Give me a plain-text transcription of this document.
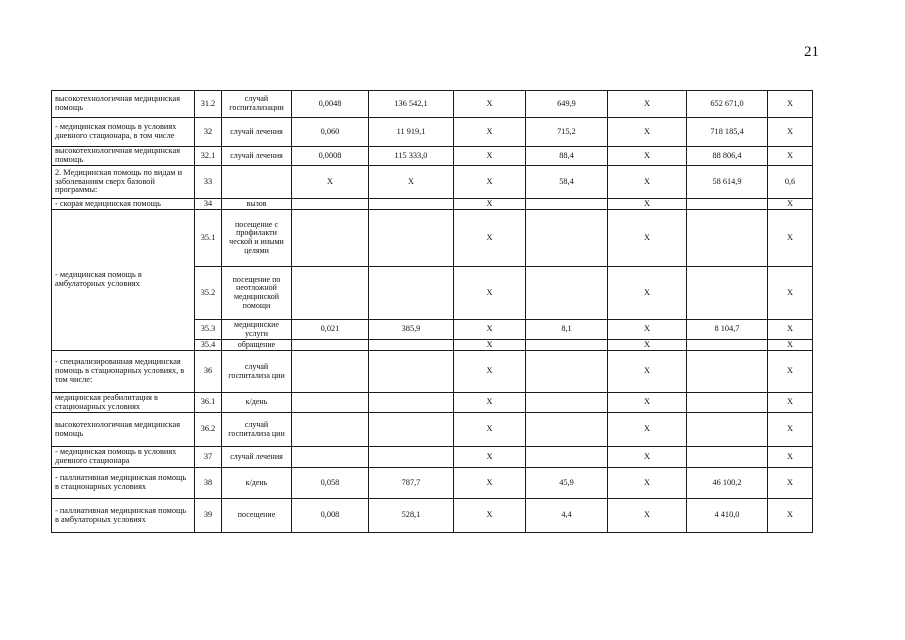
21
высокотехнологичная медицинская помощь	31.2	случай госпитализации	0,0048	136 542,1	X	649,9	X	652 671,0	X
- медицинская помощь в условиях дневного стационара, в том числе	32	случай лечения	0,060	11 919,1	X	715,2	X	718 185,4	X
высокотехнологичная медицинская помощь	32.1	случай лечения	0,0008	115 333,0	X	88,4	X	88 806,4	X
2. Медицинская помощь по видам и заболеваниям сверх базовой программы:	33		X	X	X	58,4	X	58 614,9	0,6
- скорая медицинская помощь	34	вызов			X		X		X
- медицинская помощь в амбулаторных условиях	35.1	посещение с профилакти ческой и иными целями			X		X		X
	35.2	посещение по неотложной медицинской помощи			X		X		X
	35.3	медицинские услуги	0,021	385,9	X	8,1	X	8 104,7	X
	35.4	обращение			X		X		X
- специализированная медицинская помощь в стационарных условиях, в том числе:	36	случай госпитализа ции			X		X		X
медицинская реабилитация в стационарных условиях	36.1	к/день			X		X		X
высокотехнологичная медицинская помощь	36.2	случай госпитализа ции			X		X		X
- медицинская помощь в условиях дневного стационара	37	случай лечения			X		X		X
- паллиативная медицинская помощь в стационарных условиях	38	к/день	0,058	787,7	X	45,9	X	46 100,2	X
- паллиативная медицинская помощь в амбулаторных условиях	39	посещение	0,008	528,1	X	4,4	X	4 410,0	X
